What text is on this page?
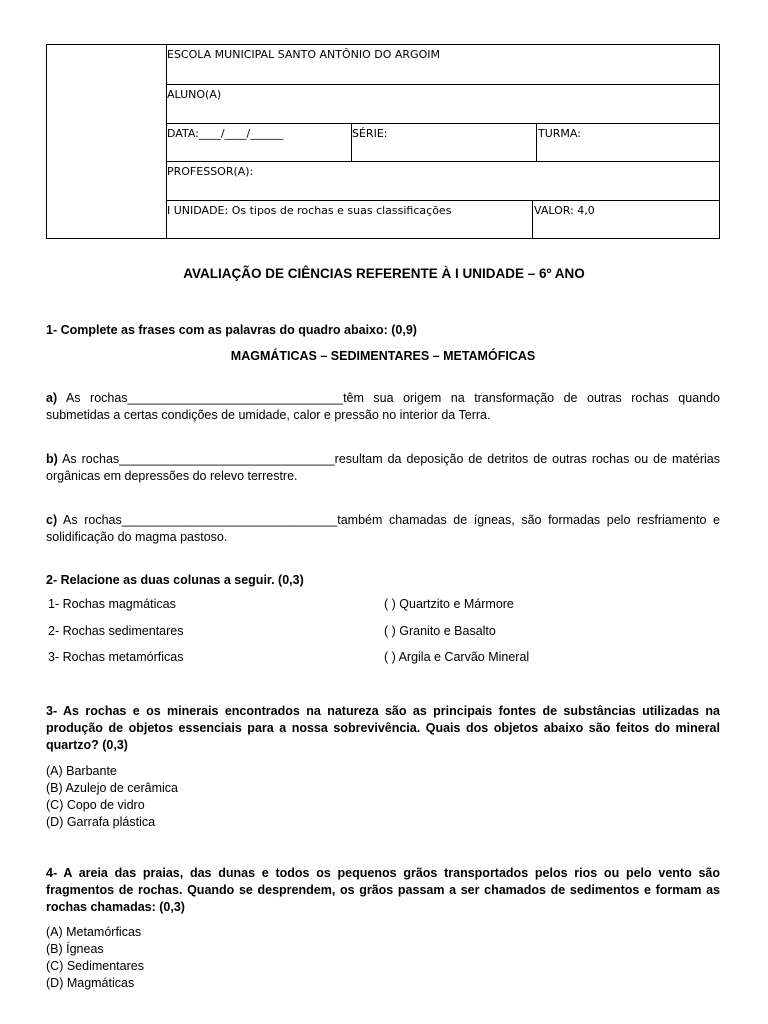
ESCOLA MUNICIPAL SANTO ANTÔNIO DO ARGOIM
ALUNO(A)
DATA:____/____/______	SÉRIE:	TURMA:
PROFESSOR(A):
I UNIDADE: Os tipos de rochas e suas classificações	VALOR: 4,0
AVALIAÇÃO DE CIÊNCIAS REFERENTE À I UNIDADE – 6º ANO
1- Complete as frases com as palavras do quadro abaixo: (0,9)
MAGMÁTICAS – SEDIMENTARES – METAMÓFICAS
a) As rochas_______________________________têm sua origem na transformação de outras rochas quando submetidas a certas condições de umidade, calor e pressão no interior da Terra.
b) As rochas_______________________________resultam da deposição de detritos de outras rochas ou de matérias orgânicas em depressões do relevo terrestre.
c) As rochas_______________________________também chamadas de ígneas, são formadas pelo resfriamento e solidificação do magma pastoso.
2- Relacione as duas colunas a seguir. (0,3)
1- Rochas magmáticas	( ) Quartzito e Mármore
2- Rochas sedimentares	( ) Granito e Basalto
3- Rochas metamórficas	( ) Argila e Carvão Mineral
3- As rochas e os minerais encontrados na natureza são as principais fontes de substâncias utilizadas na produção de objetos essenciais para a nossa sobrevivência. Quais dos objetos abaixo são feitos do mineral quartzo? (0,3)
(A) Barbante
(B) Azulejo de cerâmica
(C) Copo de vidro
(D) Garrafa plástica
4- A areia das praias, das dunas e todos os pequenos grãos transportados pelos rios ou pelo vento são fragmentos de rochas. Quando se desprendem, os grãos passam a ser chamados de sedimentos e formam as rochas chamadas: (0,3)
(A) Metamórficas
(B) Ígneas
(C) Sedimentares
(D) Magmáticas
